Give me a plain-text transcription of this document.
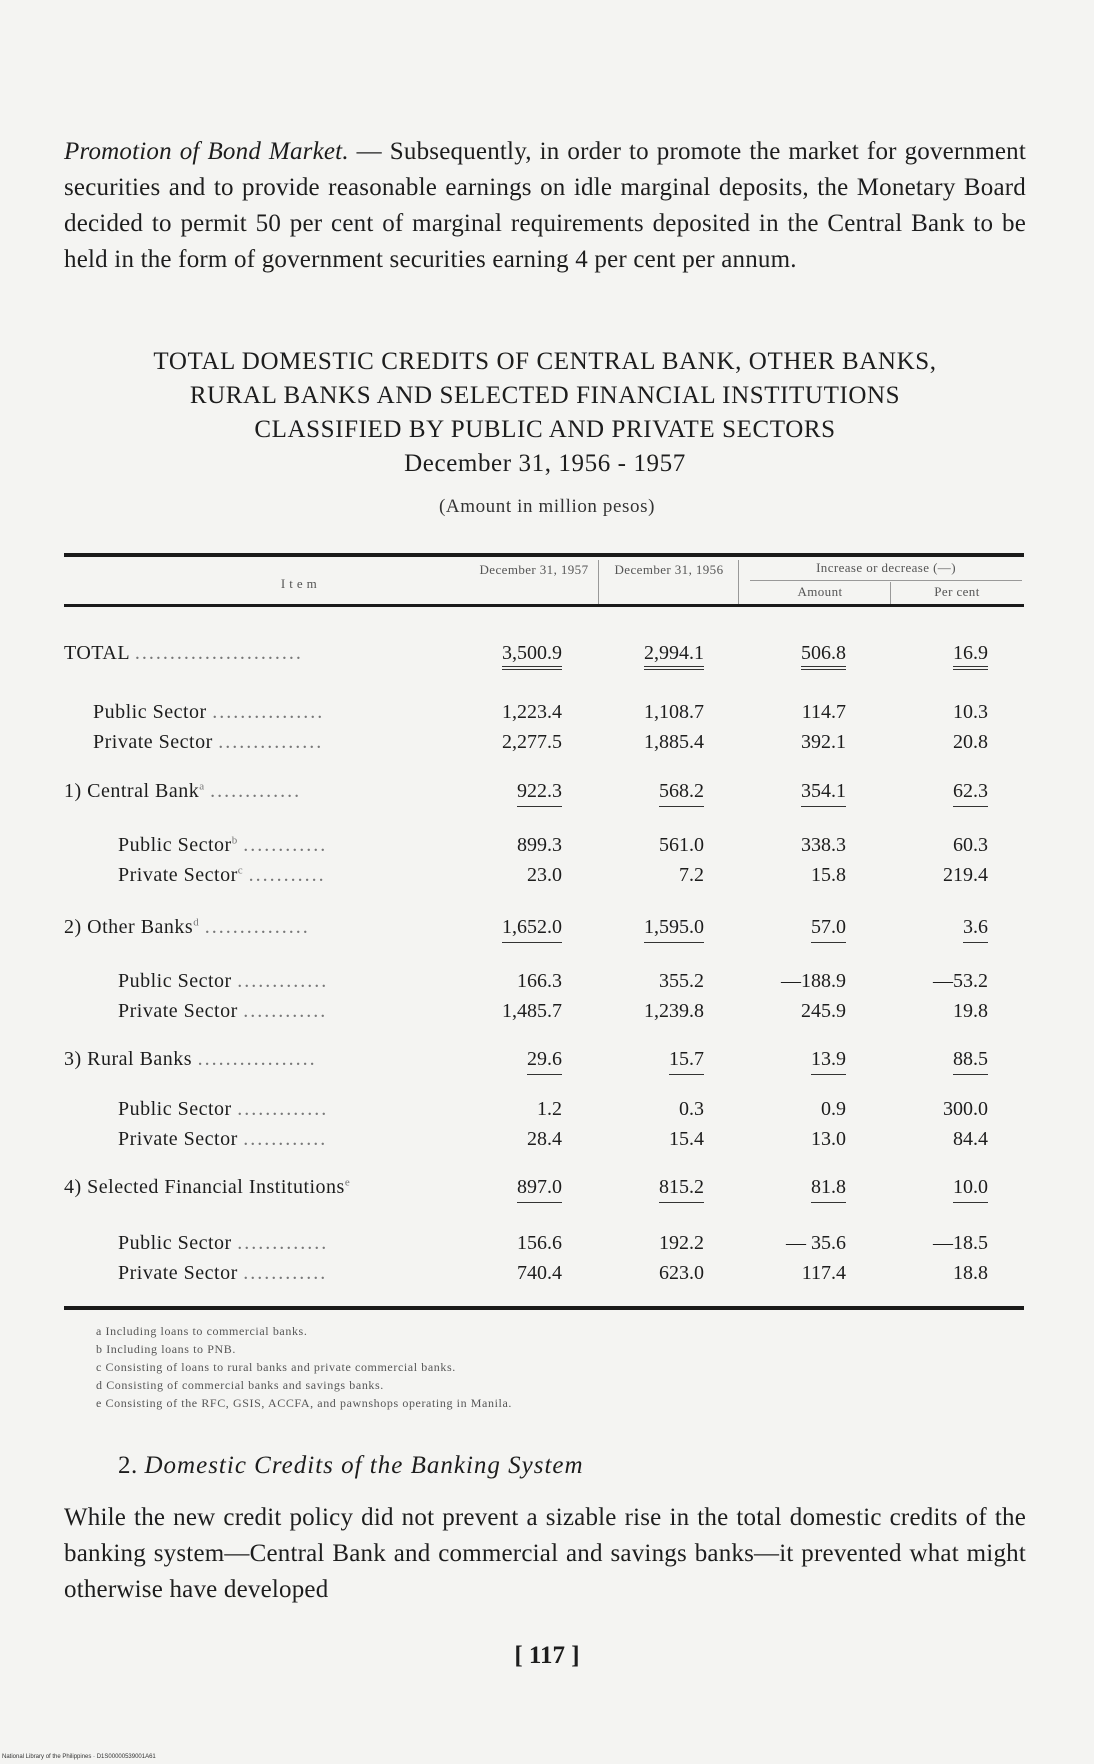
Promotion of Bond Market. — Subsequently, in order to promote the market for government securities and to provide reasonable earnings on idle marginal deposits, the Monetary Board decided to permit 50 per cent of marginal requirements deposited in the Central Bank to be held in the form of government securities earning 4 per cent per annum.
TOTAL DOMESTIC CREDITS OF CENTRAL BANK, OTHER BANKS,
RURAL BANKS AND SELECTED FINANCIAL INSTITUTIONS
CLASSIFIED BY PUBLIC AND PRIVATE SECTORS
December 31, 1956 - 1957
(Amount in million pesos)
I t e m
December 31, 1957	December 31, 1956	Increase or decrease (—)
Amount	Per cent
TOTAL ........................	3,500.9	2,994.1	506.8	16.9
Public Sector ................	1,223.4	1,108.7	114.7	10.3
Private Sector ...............	2,277.5	1,885.4	392.1	20.8
1) Central Bank$^a$ .............	922.3	568.2	354.1	62.3
Public Sector$^b$ ............	899.3	561.0	338.3	60.3
Private Sector$^c$ ...........	23.0	7.2	15.8	219.4
2) Other Banks$^d$ ...............	1,652.0	1,595.0	57.0	3.6
Public Sector .............	166.3	355.2	—188.9	—53.2
Private Sector ............	1,485.7	1,239.8	245.9	19.8
3) Rural Banks .................	29.6	15.7	13.9	88.5
Public Sector .............	1.2	0.3	0.9	300.0
Private Sector ............	28.4	15.4	13.0	84.4
4) Selected Financial Institutions$^e$	897.0	815.2	81.8	10.0
Public Sector .............	156.6	192.2	— 35.6	—18.5
Private Sector ............	740.4	623.0	117.4	18.8
a Including loans to commercial banks.
b Including loans to PNB.
c Consisting of loans to rural banks and private commercial banks.
d Consisting of commercial banks and savings banks.
e Consisting of the RFC, GSIS, ACCFA, and pawnshops operating in Manila.
2. Domestic Credits of the Banking System
While the new credit policy did not prevent a sizable rise in the total domestic credits of the banking system—Central Bank and commercial and savings banks—it prevented what might otherwise have developed
[ 117 ]
National Library of the Philippines · D1S00000539001A61
